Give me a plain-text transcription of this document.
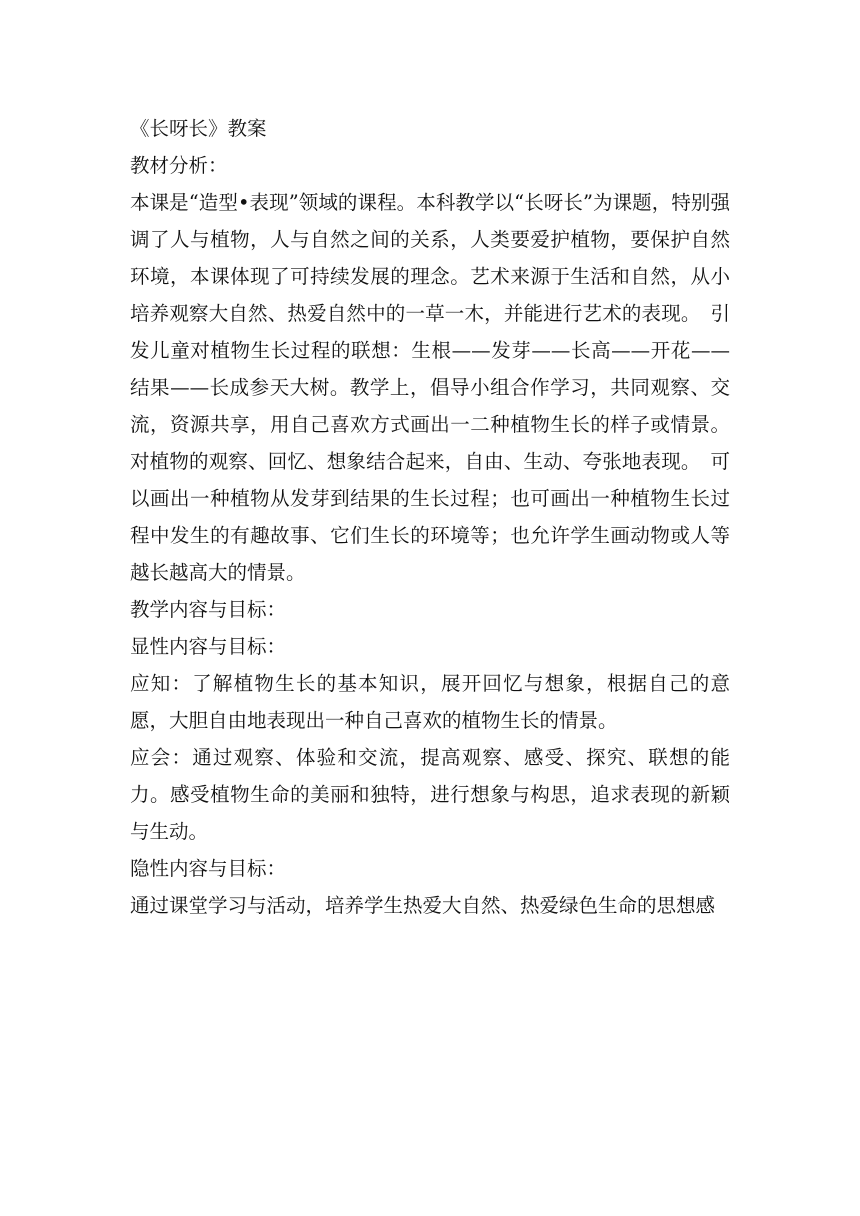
《长呀长》教案

教材分析：

本课是“造型•表现”领域的课程。本科教学以“长呀长”为课题，特别强调了人与植物，人与自然之间的关系，人类要爱护植物，要保护自然环境，本课体现了可持续发展的理念。艺术来源于生活和自然，从小培养观察大自然、热爱自然中的一草一木，并能进行艺术的表现。　引发儿童对植物生长过程的联想：生根——发芽——长高——开花——结果——长成参天大树。教学上，倡导小组合作学习，共同观察、交流，资源共享，用自己喜欢方式画出一二种植物生长的样子或情景。对植物的观察、回忆、想象结合起来，自由、生动、夸张地表现。　可以画出一种植物从发芽到结果的生长过程；也可画出一种植物生长过程中发生的有趣故事、它们生长的环境等；也允许学生画动物或人等越长越高大的情景。

教学内容与目标：

显性内容与目标：

应知：了解植物生长的基本知识，展开回忆与想象，根据自己的意愿，大胆自由地表现出一种自己喜欢的植物生长的情景。

应会：通过观察、体验和交流，提高观察、感受、探究、联想的能力。感受植物生命的美丽和独特，进行想象与构思，追求表现的新颖与生动。

隐性内容与目标：

通过课堂学习与活动，培养学生热爱大自然、热爱绿色生命的思想感
